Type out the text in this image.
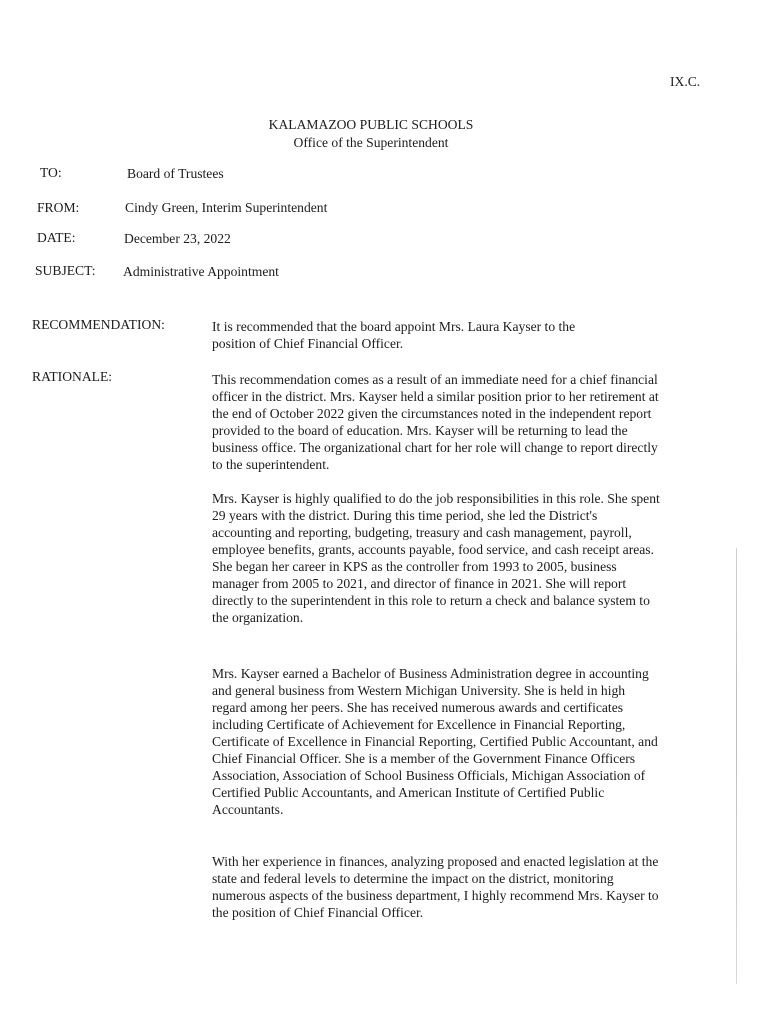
IX.C.
KALAMAZOO PUBLIC SCHOOLS
Office of the Superintendent
TO:	Board of Trustees
FROM:	Cindy Green, Interim Superintendent
DATE:	December 23, 2022
SUBJECT: Administrative Appointment
RECOMMENDATION:	It is recommended that the board appoint Mrs. Laura Kayser to the
position of Chief Financial Officer.
RATIONALE:	This recommendation comes as a result of an immediate need for a chief financial
officer in the district. Mrs. Kayser held a similar position prior to her retirement at
the end of October 2022 given the circumstances noted in the independent report
provided to the board of education. Mrs. Kayser will be returning to lead the
business office. The organizational chart for her role will change to report directly
to the superintendent.
Mrs. Kayser is highly qualified to do the job responsibilities in this role. She spent
29 years with the district. During this time period, she led the District's
accounting and reporting, budgeting, treasury and cash management, payroll,
employee benefits, grants, accounts payable, food service, and cash receipt areas.
She began her career in KPS as the controller from 1993 to 2005, business
manager from 2005 to 2021, and director of finance in 2021. She will report
directly to the superintendent in this role to return a check and balance system to
the organization.
Mrs. Kayser earned a Bachelor of Business Administration degree in accounting
and general business from Western Michigan University. She is held in high
regard among her peers. She has received numerous awards and certificates
including Certificate of Achievement for Excellence in Financial Reporting,
Certificate of Excellence in Financial Reporting, Certified Public Accountant, and
Chief Financial Officer. She is a member of the Government Finance Officers
Association, Association of School Business Officials, Michigan Association of
Certified Public Accountants, and American Institute of Certified Public
Accountants.
With her experience in finances, analyzing proposed and enacted legislation at the
state and federal levels to determine the impact on the district, monitoring
numerous aspects of the business department, I highly recommend Mrs. Kayser to
the position of Chief Financial Officer.
